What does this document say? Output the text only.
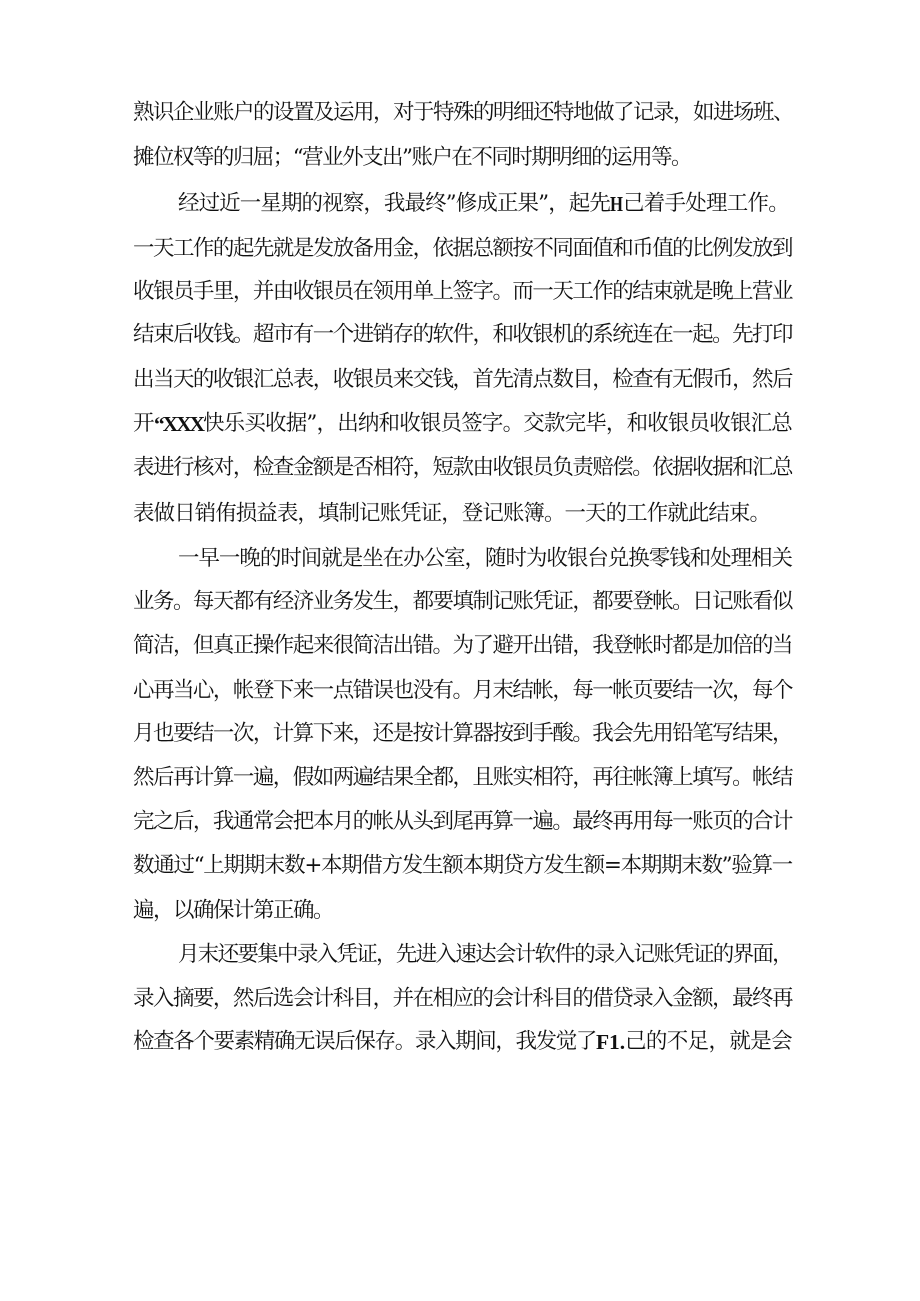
熟识企业账户的设置及运用，对于特殊的明细还特地做了记录，如进场班、
摊位权等的归屈；“营业外支出”账户在不同时期明细的运用等。
经过近一星期的视察，我最终”修成正果”，起先 H 己着手处理工作。
一天工作的起先就是发放备用金，依据总额按不同面值和币值的比例发放到
收银员手里，并由收银员在领用单上签字。而一天工作的结束就是晚上营业
结束后收钱。超市有一个进销存的软件，和收银机的系统连在一起。先打印
出当天的收银汇总表，收银员来交钱，首先清点数目，检查有无假币，然后
开 “XXX 快乐买收据”，出纳和收银员签字。交款完毕，和收银员收银汇总
表进行核对，检查金额是否相符，短款由收银员负责赔偿。依据收据和汇总
表做日销侑损益表，填制记账凭证，登记账簿。一天的工作就此结束。
一早一晚的时间就是坐在办公室，随时为收银台兑换零钱和处理相关
业务。每天都有经济业务发生，都要填制记账凭证，都要登帐。日记账看似
简洁，但真正操作起来很简洁出错。为了避开出错，我登帐时都是加倍的当
心再当心，帐登下来一点错误也没有。月末结帐，每一帐页要结一次，每个
月也要结一次，计算下来，还是按计算器按到手酸。我会先用铅笔写结果，
然后再计算一遍，假如两遍结果全都，且账实相符，再往帐簿上填写。帐结
完之后，我通常会把本月的帐从头到尾再算一遍。最终再用每一账页的合计
数通过“上期期末数+本期借方发生额本期贷方发生额=本期期末数”验算一
遍，以确保计第正确。
月末还要集中录入凭证，先进入速达会计软件的录入记账凭证的界面，
录入摘要，然后选会计科目，并在相应的会计科目的借贷录入金额，最终再
检查各个要素精确无误后保存。录入期间，我发觉了 F1. 己的不足，就是会
